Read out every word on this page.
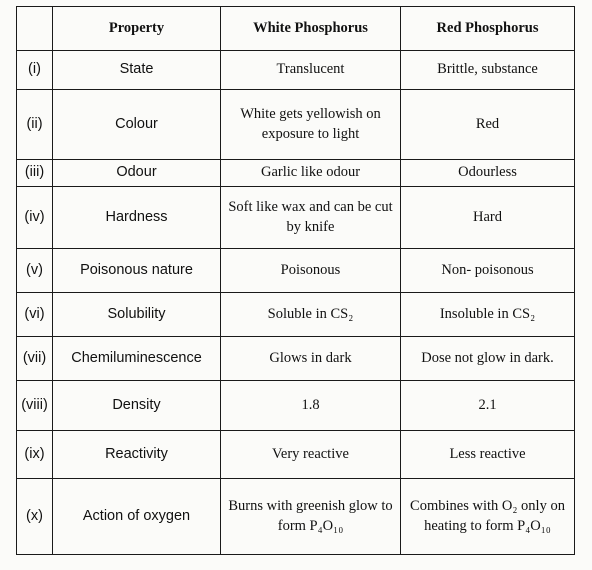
	Property	White Phosphorus	Red Phosphorus
(i)	State	Translucent	Brittle, substance
(ii)	Colour	White gets yellowish on exposure to light	Red
(iii)	Odour	Garlic like odour	Odourless
(iv)	Hardness	Soft like wax and can be cut by knife	Hard
(v)	Poisonous nature	Poisonous	Non- poisonous
(vi)	Solubility	Soluble in CS₂	Insoluble in CS₂
(vii)	Chemiluminescence	Glows in dark	Dose not glow in dark.
(viii)	Density	1.8	2.1
(ix)	Reactivity	Very reactive	Less reactive
(x)	Action of oxygen	Burns with greenish glow to form P₄O₁₀	Combines with O₂ only on heating to form P₄O₁₀
